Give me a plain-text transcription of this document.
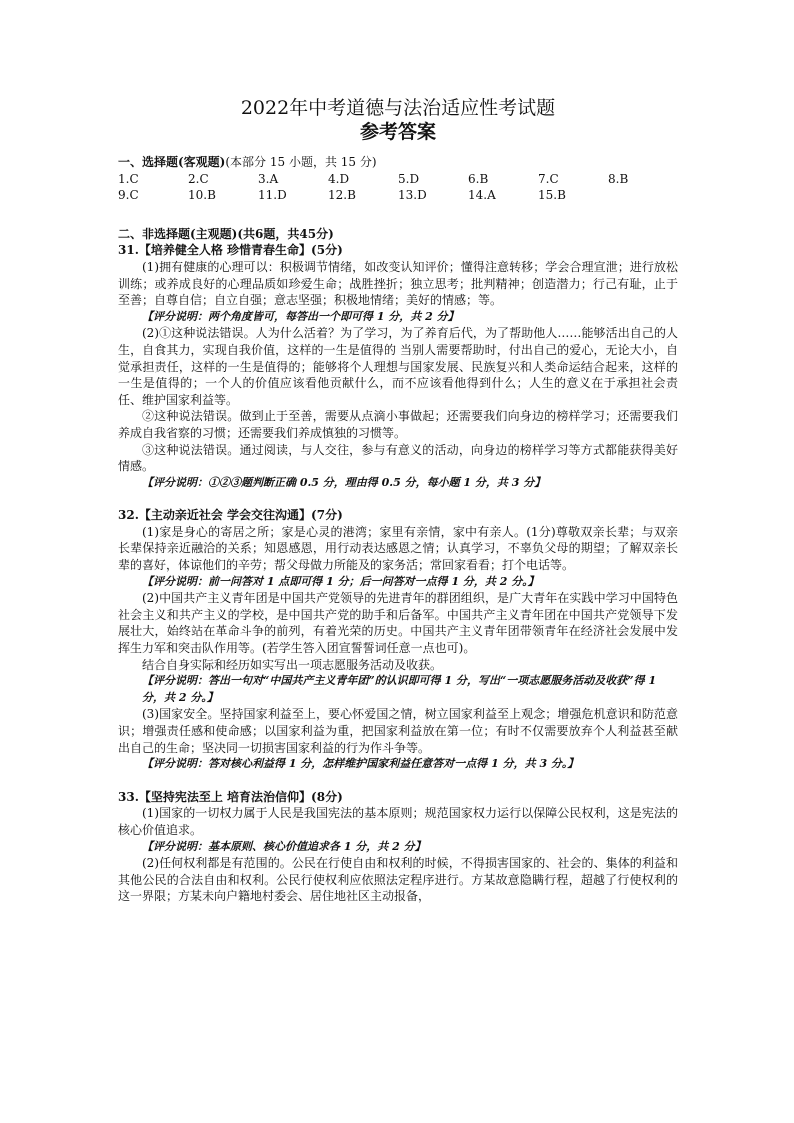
2022年中考道德与法治适应性考试题
参考答案

一、选择题(客观题)(本部分 15 小题，共 15 分)

1.C	2.C	3.A	4.D	5.D	6.B	7.C	8.B
9.C	10.B	11.D	12.B	13.D	14.A	15.B

二、非选择题(主观题)(共6题，共45分)

31.【培养健全人格 珍惜青春生命】(5分)

(1)拥有健康的心理可以：积极调节情绪，如改变认知评价；懂得注意转移；学会合理宣泄；进行放松训练；或养成良好的心理品质如珍爱生命；战胜挫折；独立思考；批判精神；创造潜力；行己有耻，止于至善；自尊自信；自立自强；意志坚强；积极地情绪；美好的情感；等。

【评分说明：两个角度皆可，每答出一个即可得 1 分，共 2 分】

(2)①这种说法错误。人为什么活着？为了学习，为了养育后代，为了帮助他人……能够活出自己的人生，自食其力，实现自我价值，这样的一生是值得的 当别人需要帮助时，付出自己的爱心，无论大小，自觉承担责任，这样的一生是值得的；能够将个人理想与国家发展、民族复兴和人类命运结合起来，这样的一生是值得的；一个人的价值应该看他贡献什么，而不应该看他得到什么；人生的意义在于承担社会责任、维护国家利益等。

②这种说法错误。做到止于至善，需要从点滴小事做起；还需要我们向身边的榜样学习；还需要我们养成自我省察的习惯；还需要我们养成慎独的习惯等。

③这种说法错误。通过阅读，与人交往，参与有意义的活动，向身边的榜样学习等方式都能获得美好情感。

【评分说明：①②③题判断正确 0.5 分，理由得 0.5 分，每小题 1 分，共 3 分】

32.【主动亲近社会 学会交往沟通】(7分)

(1)家是身心的寄居之所；家是心灵的港湾；家里有亲情，家中有亲人。(1分)尊敬双亲长辈；与双亲长辈保持亲近融洽的关系；知恩感恩，用行动表达感恩之情；认真学习，不辜负父母的期望；了解双亲长辈的喜好，体谅他们的辛劳；帮父母做力所能及的家务活；常回家看看；打个电话等。

【评分说明：前一问答对 1 点即可得 1 分；后一问答对一点得 1 分，共 2 分。】

(2)中国共产主义青年团是中国共产党领导的先进青年的群团组织，是广大青年在实践中学习中国特色社会主义和共产主义的学校，是中国共产党的助手和后备军。中国共产主义青年团在中国共产党领导下发展壮大，始终站在革命斗争的前列，有着光荣的历史。中国共产主义青年团带领青年在经济社会发展中发挥生力军和突击队作用等。(若学生答入团宣誓誓词任意一点也可)。

结合自身实际和经历如实写出一项志愿服务活动及收获。

【评分说明：答出一句对“中国共产主义青年团”的认识即可得 1 分，写出“一项志愿服务活动及收获”得 1 分，共 2 分。】

(3)国家安全。坚持国家利益至上，要心怀爱国之情，树立国家利益至上观念；增强危机意识和防范意识；增强责任感和使命感；以国家利益为重，把国家利益放在第一位；有时不仅需要放弃个人利益甚至献出自己的生命；坚决同一切损害国家利益的行为作斗争等。

【评分说明：答对核心利益得 1 分，怎样维护国家利益任意答对一点得 1 分，共 3 分。】

33.【坚持宪法至上 培育法治信仰】(8分)

(1)国家的一切权力属于人民是我国宪法的基本原则；规范国家权力运行以保障公民权利，这是宪法的核心价值追求。

【评分说明：基本原则、核心价值追求各 1 分，共 2 分】

(2)任何权利都是有范围的。公民在行使自由和权利的时候，不得损害国家的、社会的、集体的利益和其他公民的合法自由和权利。公民行使权利应依照法定程序进行。方某故意隐瞒行程，超越了行使权利的这一界限；方某未向户籍地村委会、居住地社区主动报备，
